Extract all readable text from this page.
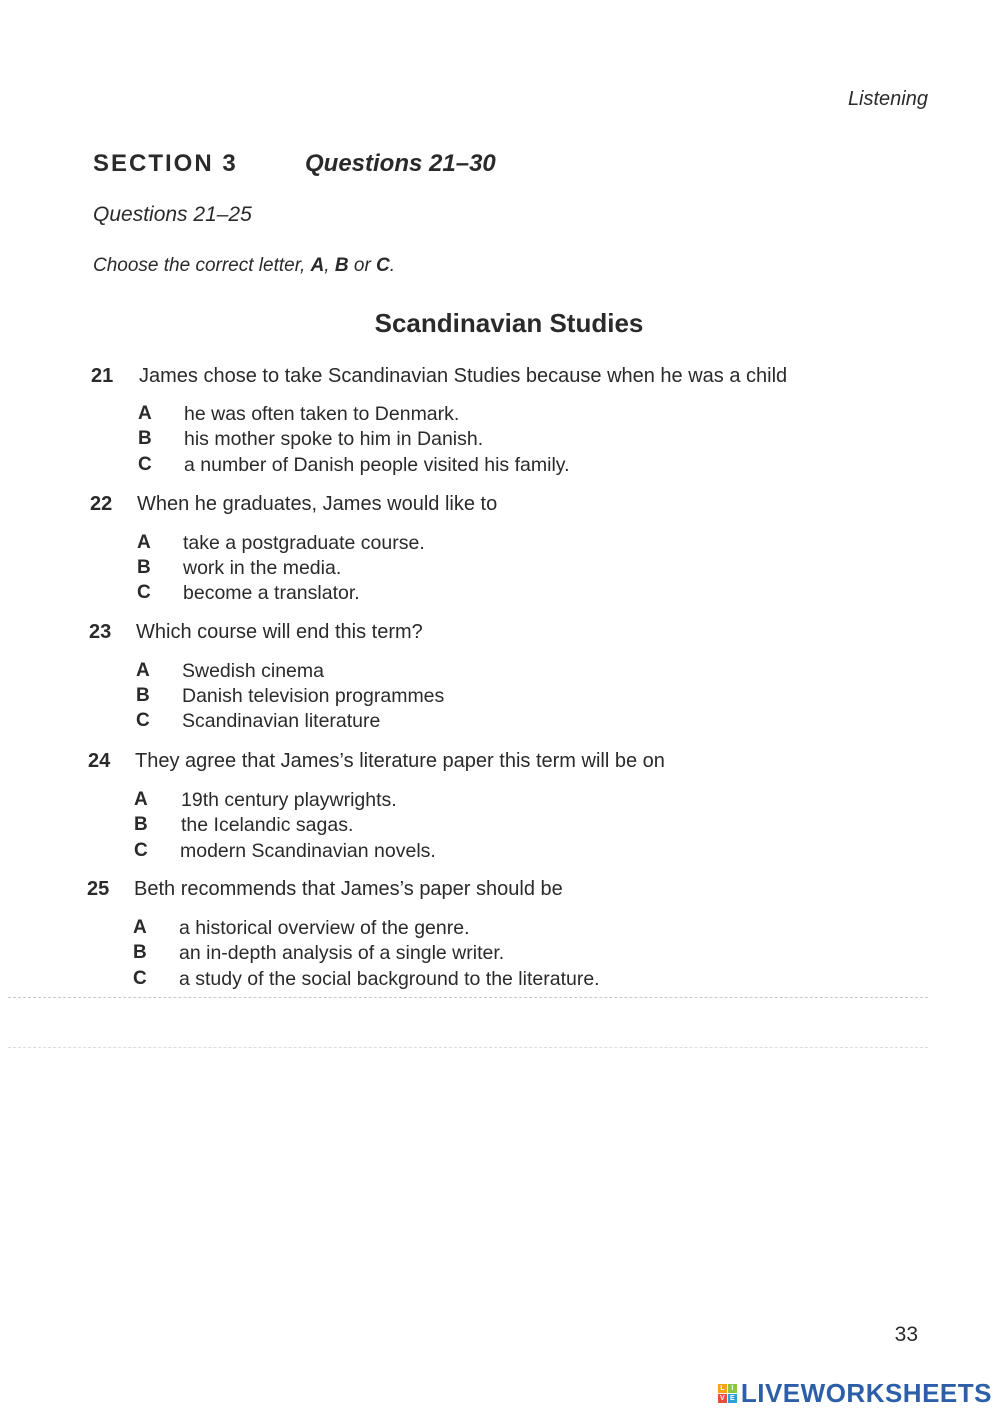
Listening
SECTION 3	Questions 21–30
Questions 21–25
Choose the correct letter, A, B or C.
Scandinavian Studies
21 James chose to take Scandinavian Studies because when he was a child
A he was often taken to Denmark.
B his mother spoke to him in Danish.
C a number of Danish people visited his family.
22 When he graduates, James would like to
A take a postgraduate course.
B work in the media.
C become a translator.
23 Which course will end this term?
A Swedish cinema
B Danish television programmes
C Scandinavian literature
24 They agree that James’s literature paper this term will be on
A 19th century playwrights.
B the Icelandic sagas.
C modern Scandinavian novels.
25 Beth recommends that James’s paper should be
A a historical overview of the genre.
B an in-depth analysis of a single writer.
C a study of the social background to the literature.
33
L I
V E LIVEWORKSHEETS
